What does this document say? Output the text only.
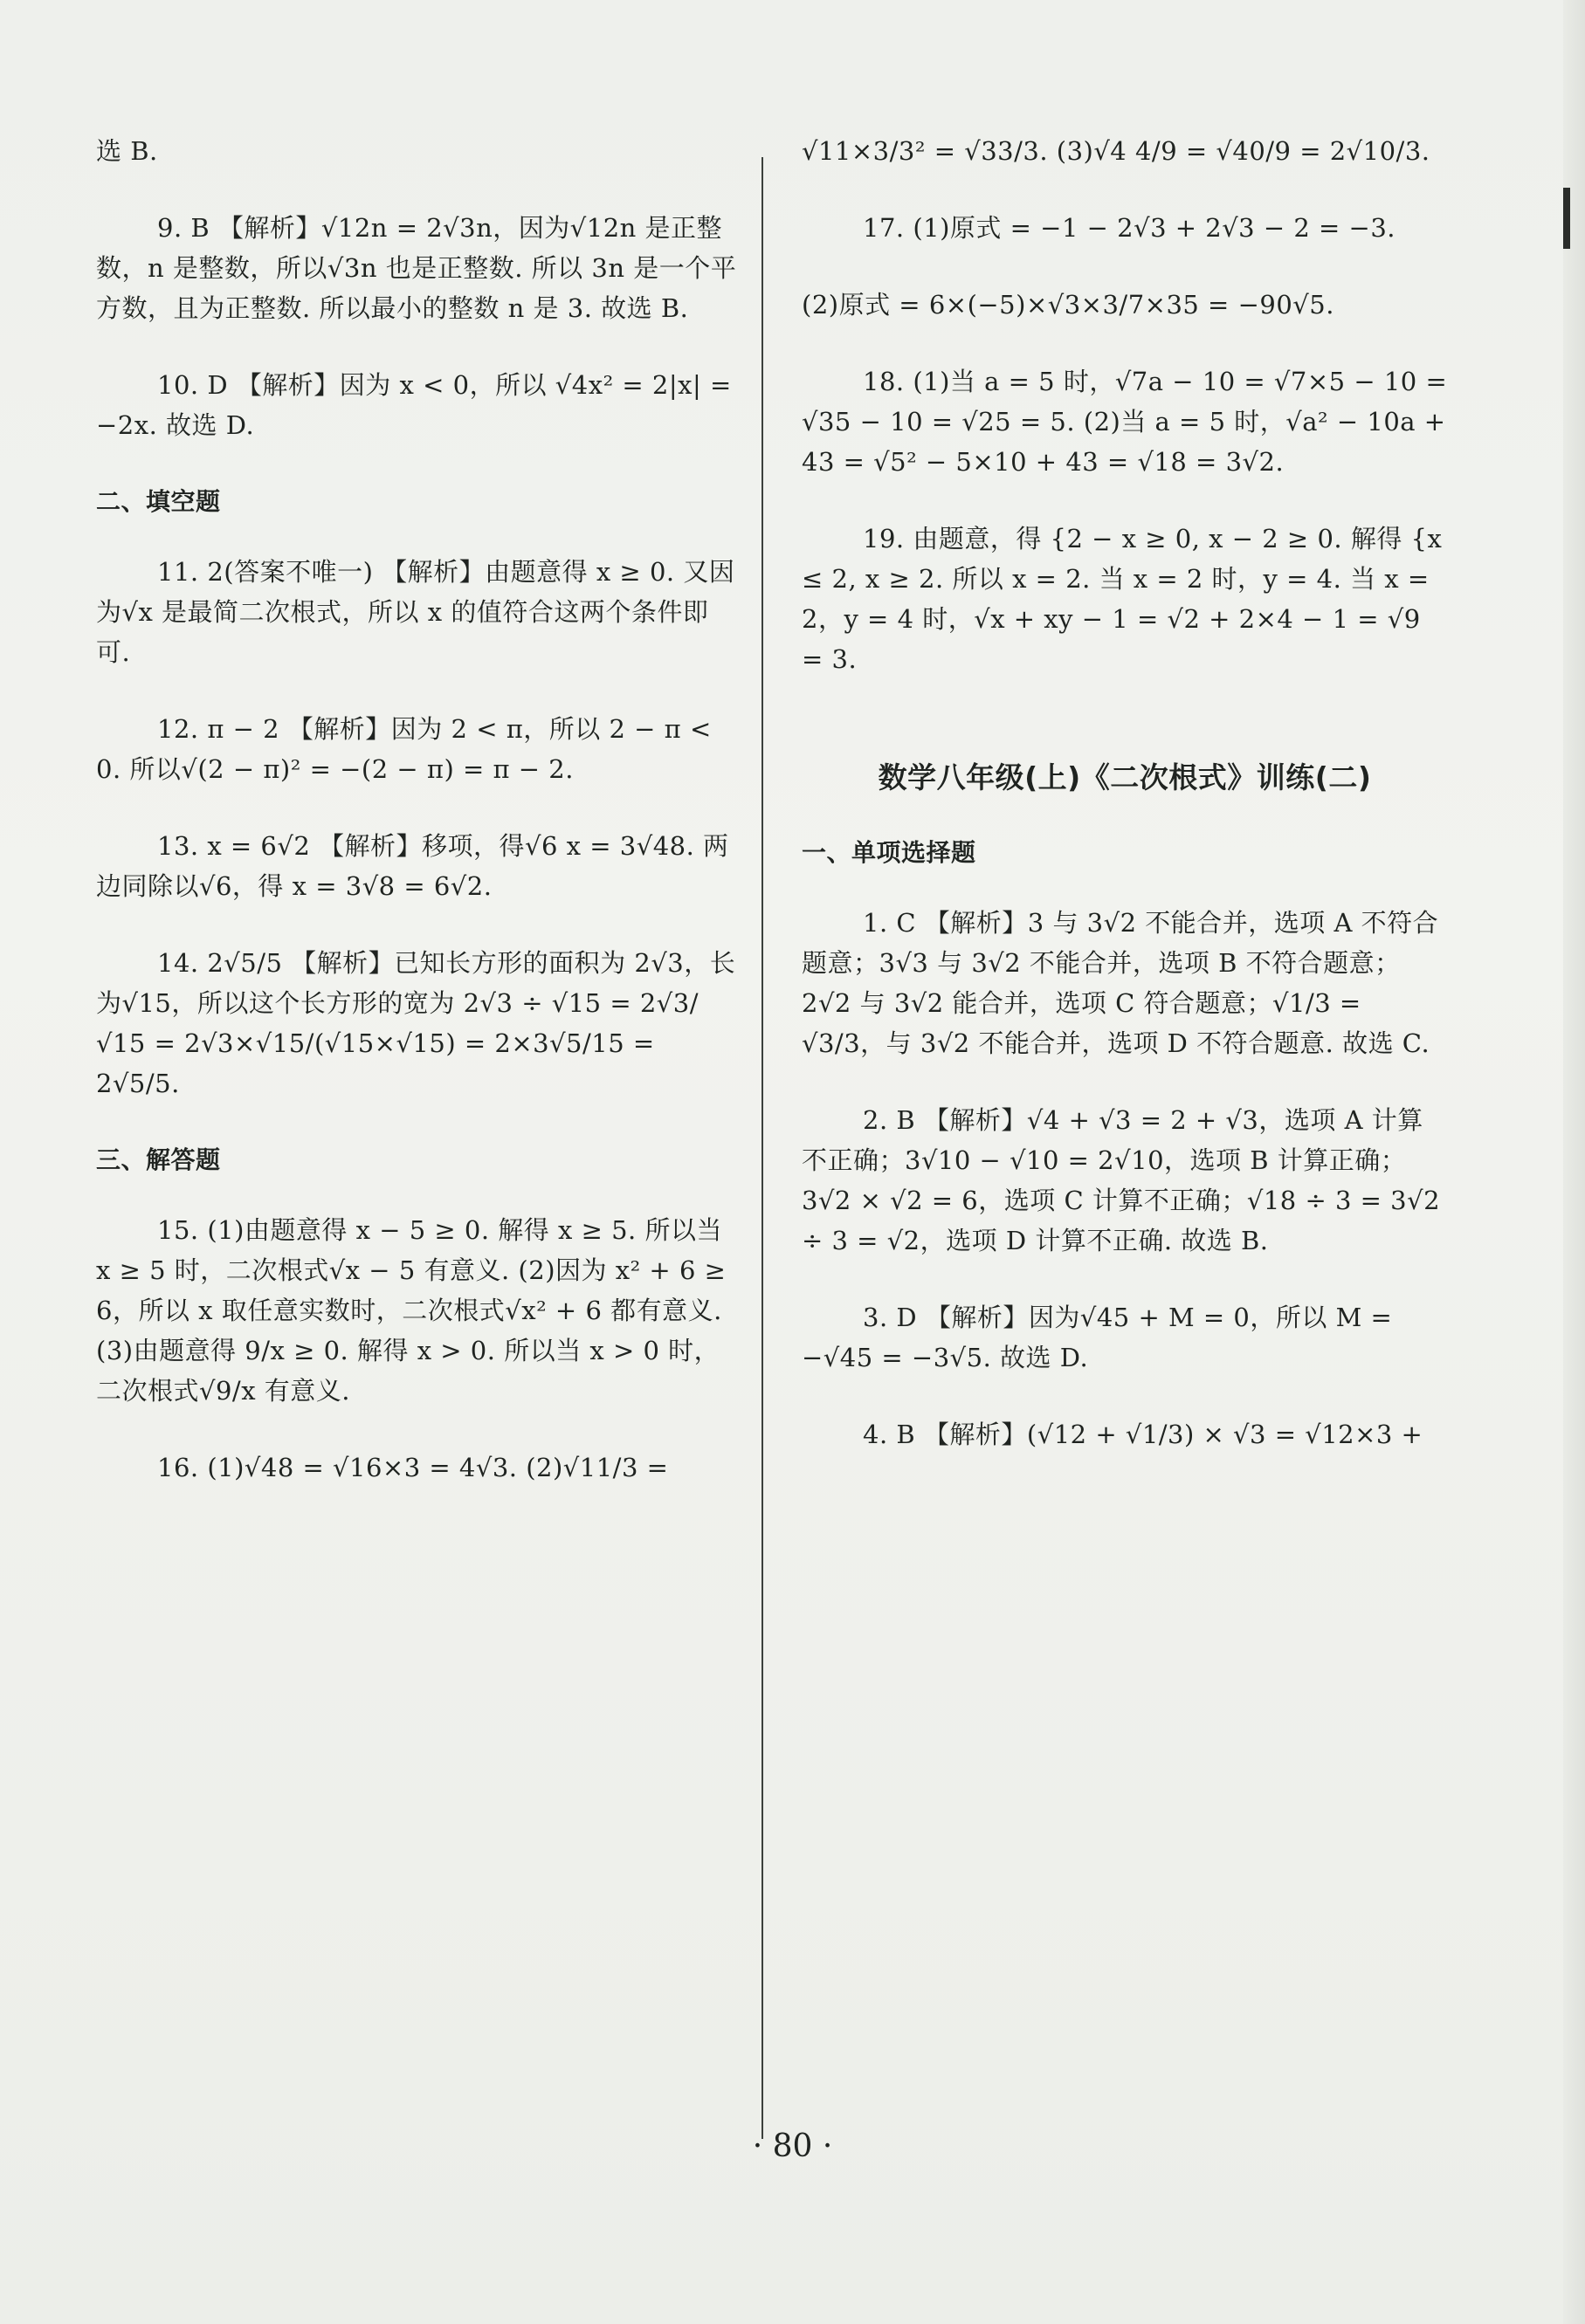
选 B.
9. B 【解析】√12n = 2√3n，因为√12n 是正整数，n 是整数，所以√3n 也是正整数. 所以 3n 是一个平方数，且为正整数. 所以最小的整数 n 是 3. 故选 B.
10. D 【解析】因为 x < 0，所以 √4x² = 2|x| = −2x. 故选 D.
二、填空题
11. 2(答案不唯一) 【解析】由题意得 x ≥ 0. 又因为√x 是最简二次根式，所以 x 的值符合这两个条件即可.
12. π − 2 【解析】因为 2 < π，所以 2 − π < 0. 所以√(2 − π)² = −(2 − π) = π − 2.
13. x = 6√2 【解析】移项，得√6 x = 3√48. 两边同除以√6，得 x = 3√8 = 6√2.
14. 2√5/5 【解析】已知长方形的面积为 2√3，长为√15，所以这个长方形的宽为 2√3 ÷ √15 = 2√3/√15 = 2√3×√15/(√15×√15) = 2×3√5/15 = 2√5/5.
三、解答题
15. (1)由题意得 x − 5 ≥ 0. 解得 x ≥ 5. 所以当 x ≥ 5 时，二次根式√x − 5 有意义. (2)因为 x² + 6 ≥ 6，所以 x 取任意实数时，二次根式√x² + 6 都有意义. (3)由题意得 9/x ≥ 0. 解得 x > 0. 所以当 x > 0 时，二次根式√9/x 有意义.
16. (1)√48 = √16×3 = 4√3. (2)√11/3 =
√11×3/3² = √33/3. (3)√4 4/9 = √40/9 = 2√10/3.
17. (1)原式 = −1 − 2√3 + 2√3 − 2 = −3.
(2)原式 = 6×(−5)×√3×3/7×35 = −90√5.
18. (1)当 a = 5 时，√7a − 10 = √7×5 − 10 = √35 − 10 = √25 = 5. (2)当 a = 5 时，√a² − 10a + 43 = √5² − 5×10 + 43 = √18 = 3√2.
19. 由题意，得 {2 − x ≥ 0, x − 2 ≥ 0. 解得 {x ≤ 2, x ≥ 2. 所以 x = 2. 当 x = 2 时，y = 4. 当 x = 2，y = 4 时，√x + xy − 1 = √2 + 2×4 − 1 = √9 = 3.
数学八年级(上)《二次根式》训练(二)
一、单项选择题
1. C 【解析】3 与 3√2 不能合并，选项 A 不符合题意；3√3 与 3√2 不能合并，选项 B 不符合题意；2√2 与 3√2 能合并，选项 C 符合题意；√1/3 = √3/3，与 3√2 不能合并，选项 D 不符合题意. 故选 C.
2. B 【解析】√4 + √3 = 2 + √3，选项 A 计算不正确；3√10 − √10 = 2√10，选项 B 计算正确；3√2 × √2 = 6，选项 C 计算不正确；√18 ÷ 3 = 3√2 ÷ 3 = √2，选项 D 计算不正确. 故选 B.
3. D 【解析】因为√45 + M = 0，所以 M = −√45 = −3√5. 故选 D.
4. B 【解析】(√12 + √1/3) × √3 = √12×3 +
· 80 ·
